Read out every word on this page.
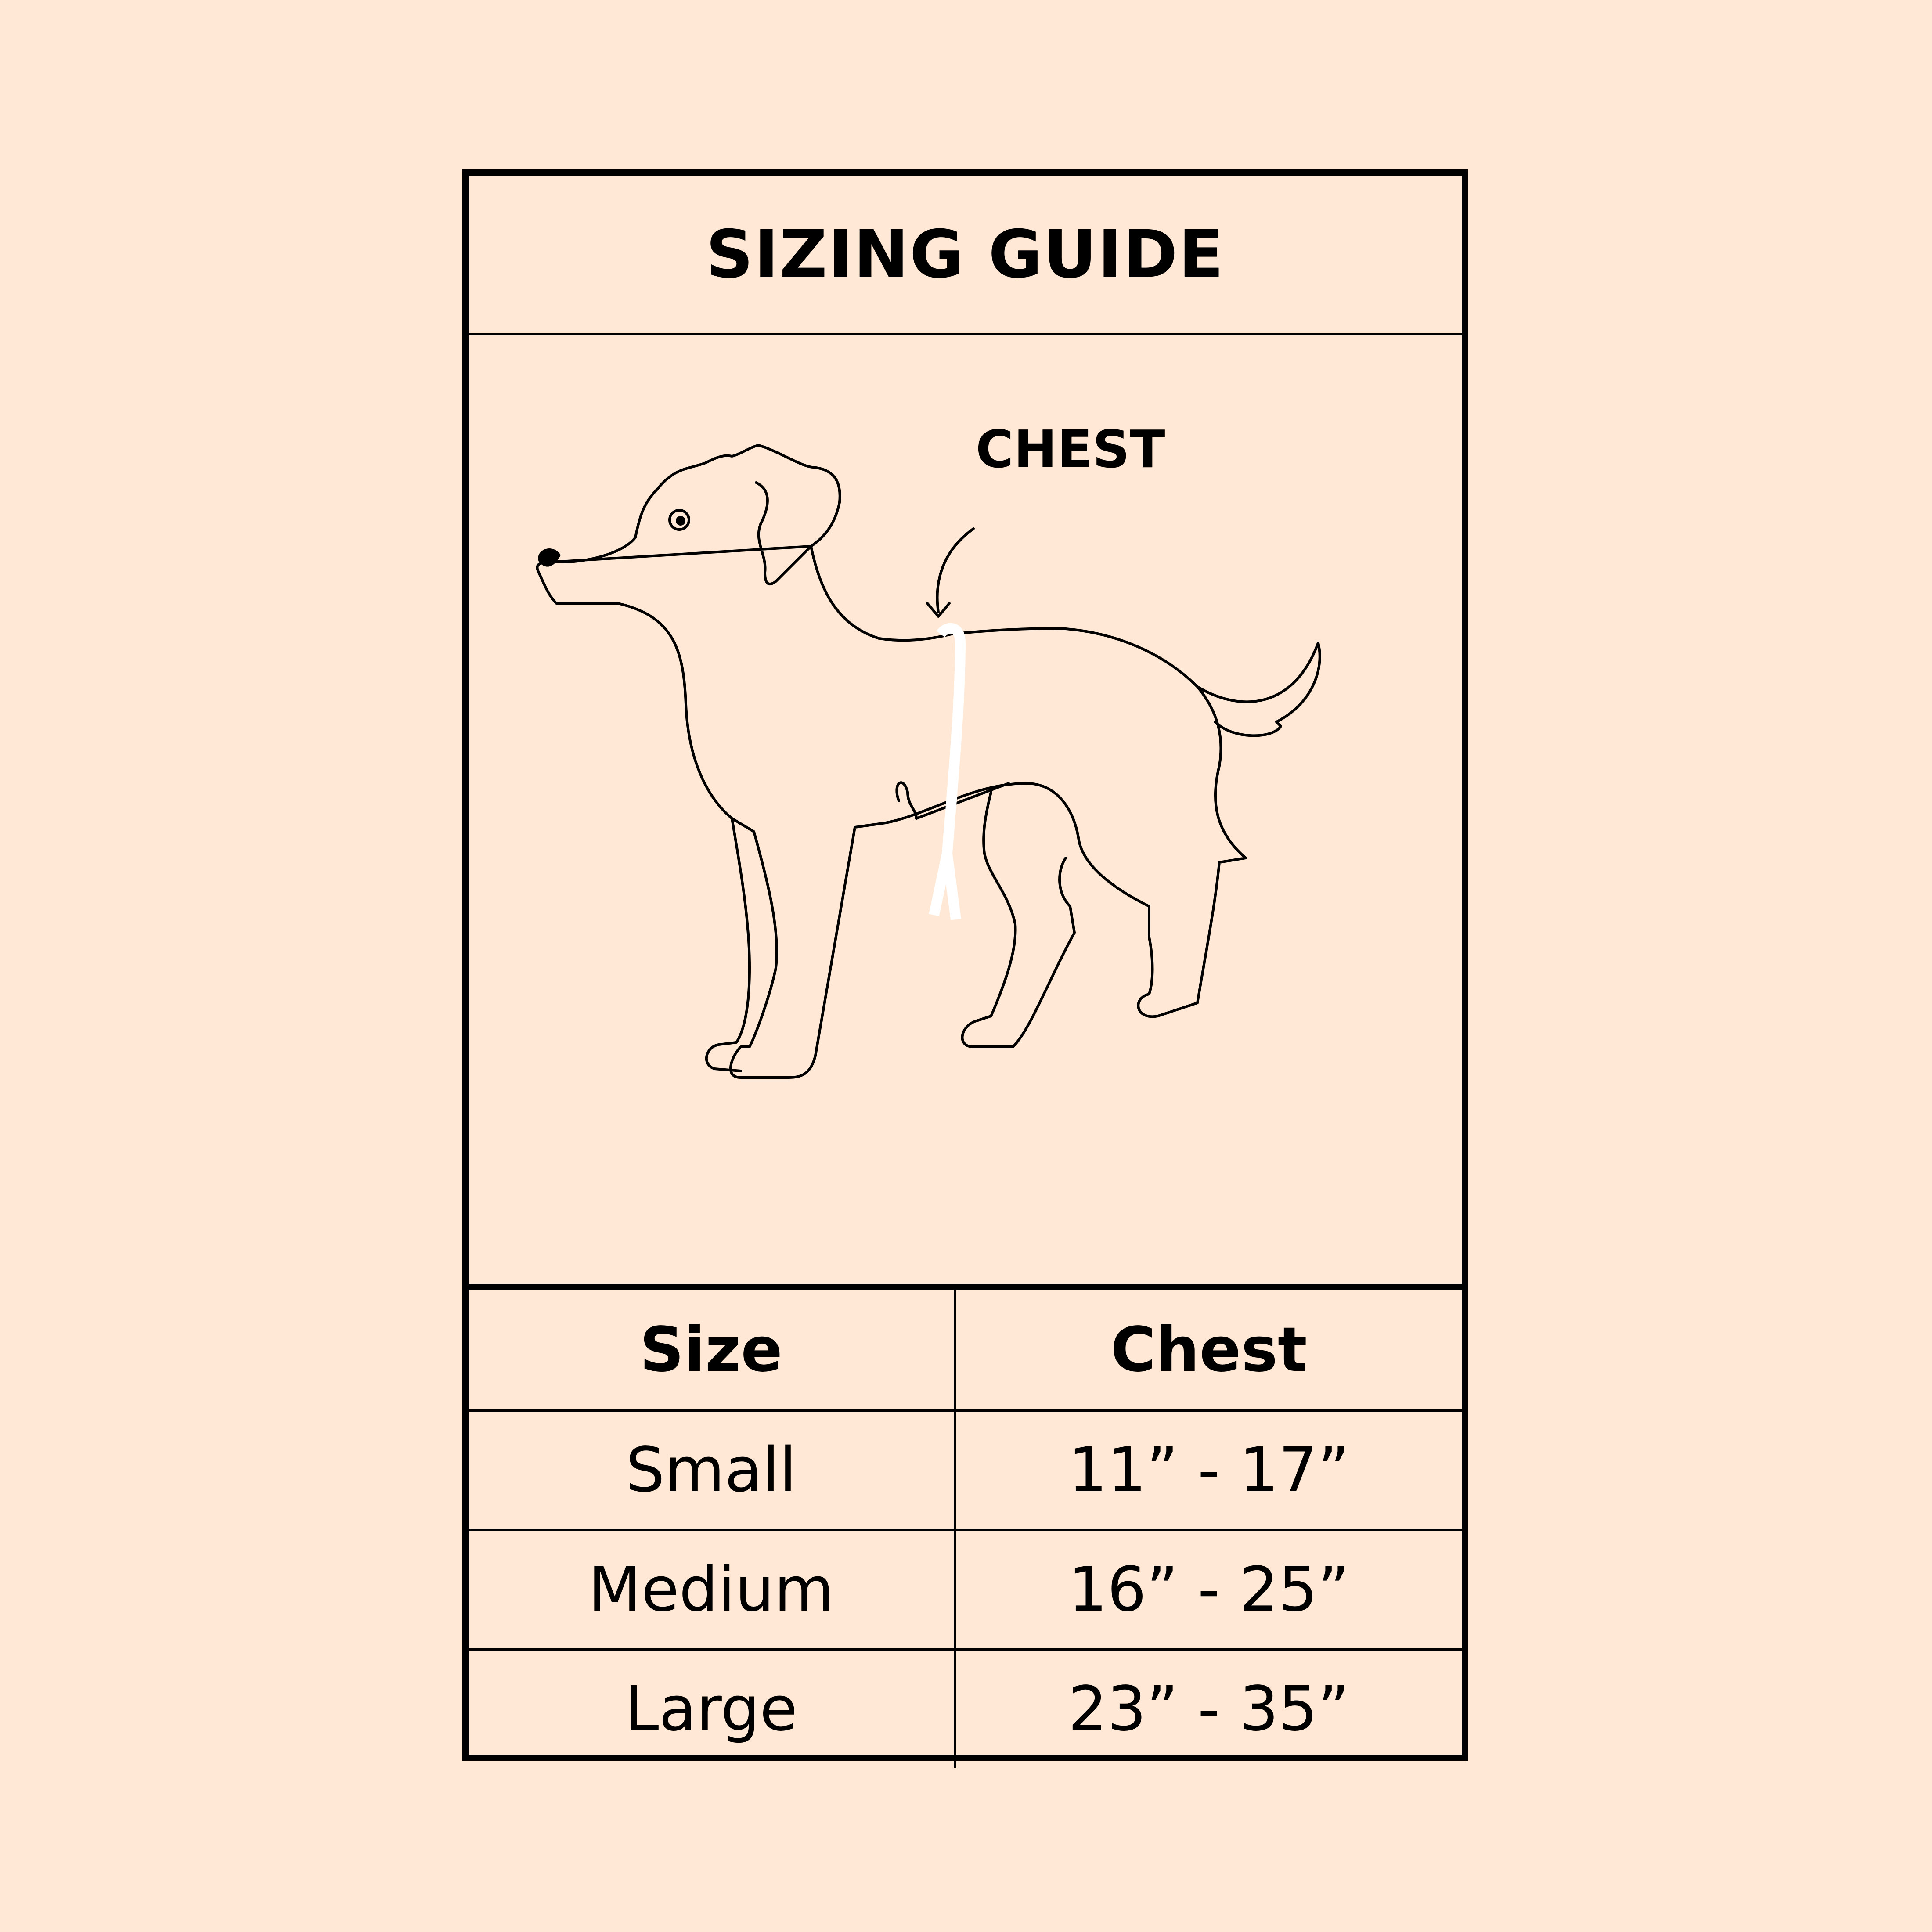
SIZING GUIDE
CHEST
Size	Chest
Small	11” - 17”
Medium	16” - 25”
Large	23” - 35”
